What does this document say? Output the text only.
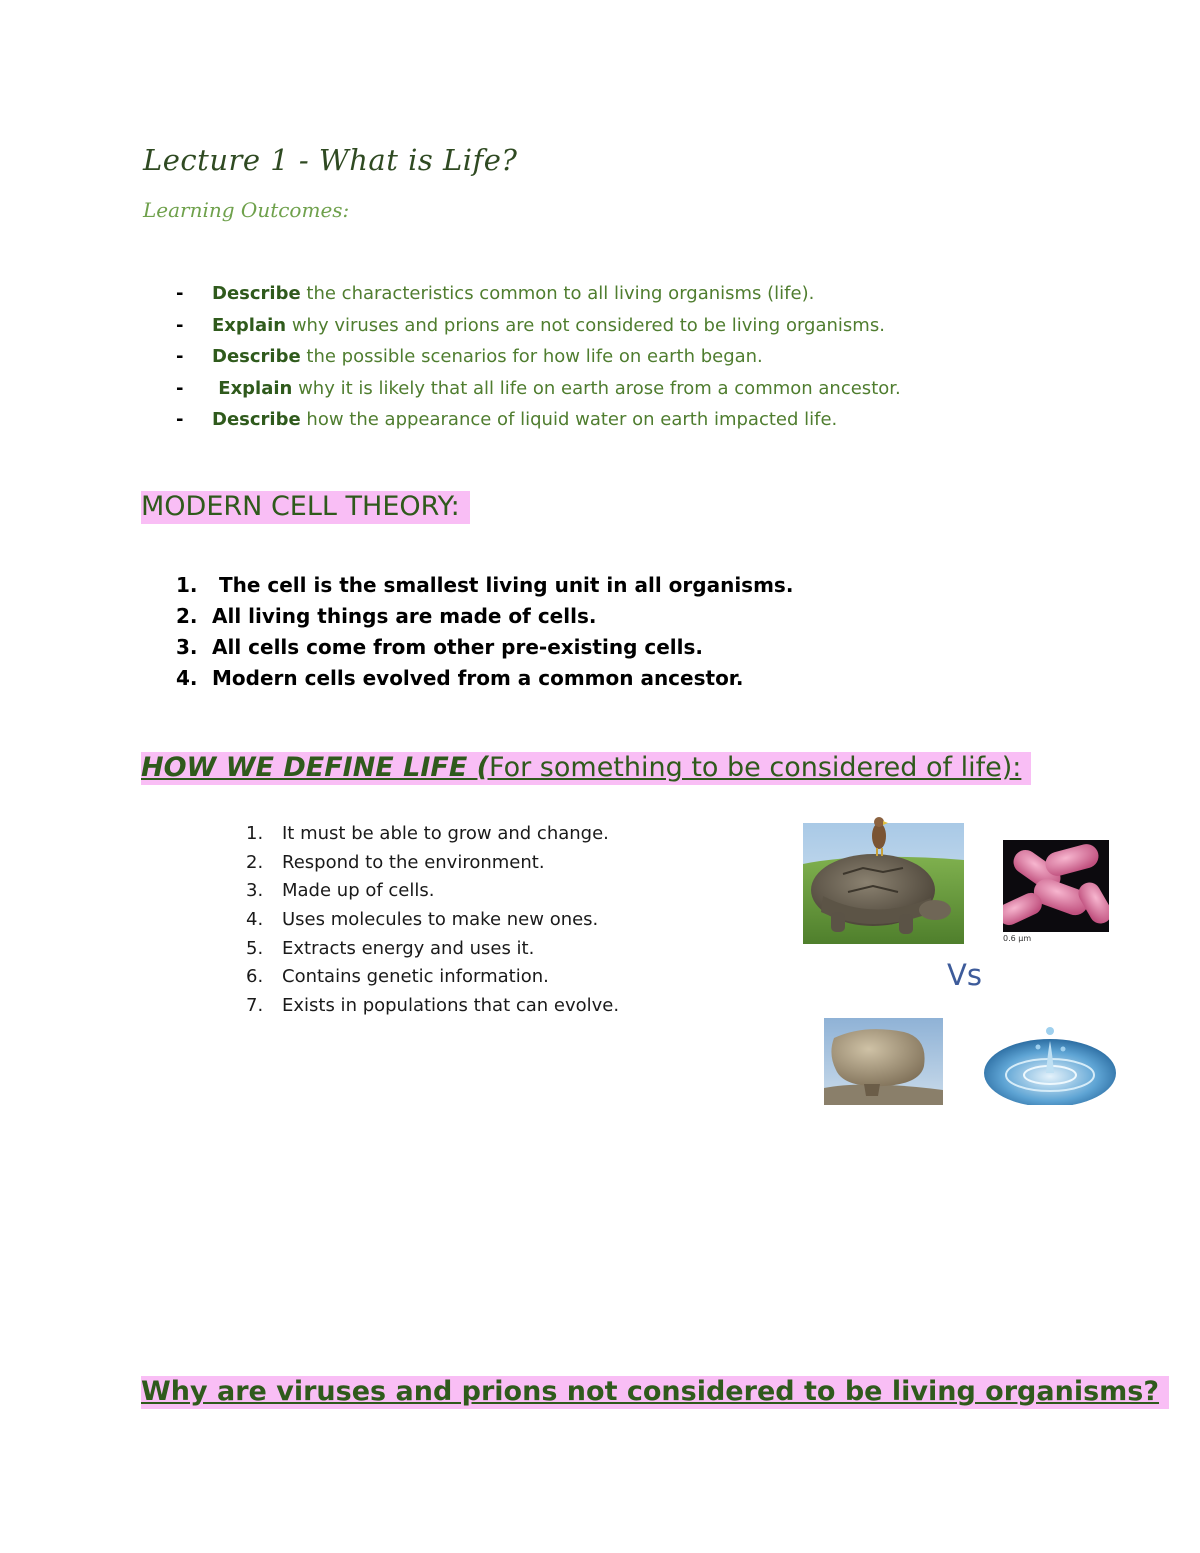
Lecture 1 - What is Life?
Learning Outcomes:
- Describe the characteristics common to all living organisms (life).
- Explain why viruses and prions are not considered to be living organisms.
- Describe the possible scenarios for how life on earth began.
- Explain why it is likely that all life on earth arose from a common ancestor.
- Describe how the appearance of liquid water on earth impacted life.
MODERN CELL THEORY:
1. The cell is the smallest living unit in all organisms.
2. All living things are made of cells.
3. All cells come from other pre-existing cells.
4. Modern cells evolved from a common ancestor.
HOW WE DEFINE LIFE (For something to be considered of life):
1. It must be able to grow and change.
2. Respond to the environment.
3. Made up of cells.
4. Uses molecules to make new ones.
5. Extracts energy and uses it.
6. Contains genetic information.
7. Exists in populations that can evolve.
0.6 µm
Vs
Why are viruses and prions not considered to be living organisms?
